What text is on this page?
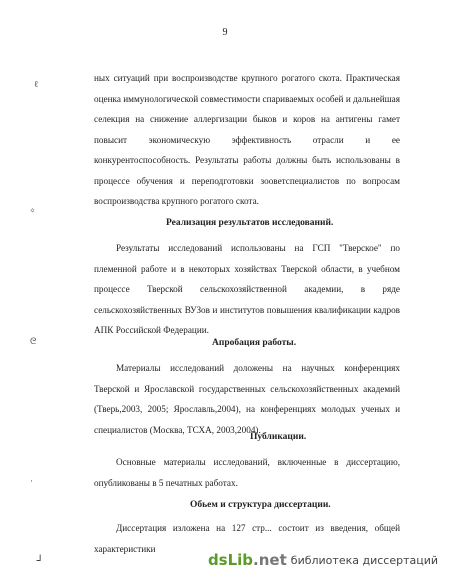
9
ℓ
꙳
ᘓ
·
ᒧ

ных ситуаций при воспроизводстве крупного рогатого скота. Практическая оценка иммунологической совместимости спариваемых особей и дальнейшая селекция на снижение аллергизации быков и коров на антигены гамет повысит экономическую эффективность отрасли и ее конкурентоспособность. Результаты работы должны быть использованы в процессе обучения и переподготовки зооветспециалистов по вопросам воспроизводства крупного рогатого скота.

Реализация результатов исследований.

Результаты исследований использованы на ГСП "Тверское" по племенной работе и в некоторых хозяйствах Тверской области, в учебном процессе Тверской сельскохозяйственной академии, в ряде сельскохозяйственных ВУЗов и институтов повышения квалификации кадров АПК Российской Федерации.

Апробация работы.

Материалы исследований доложены на научных конференциях Тверской и Ярославской государственных сельскохозяйственных академий (Тверь,2003, 2005; Ярославль,2004), на конференциях молодых ученых и специалистов (Москва, ТСХА, 2003,2004).

Публикации.

Основные материалы исследований, включенные в диссертацию, опубликованы в 5 печатных работах.

Обьем и структура диссертации.

Диссертация изложена на 127 стр... состоит из введения, общей характеристики

dsLib.net библиотека диссертаций
